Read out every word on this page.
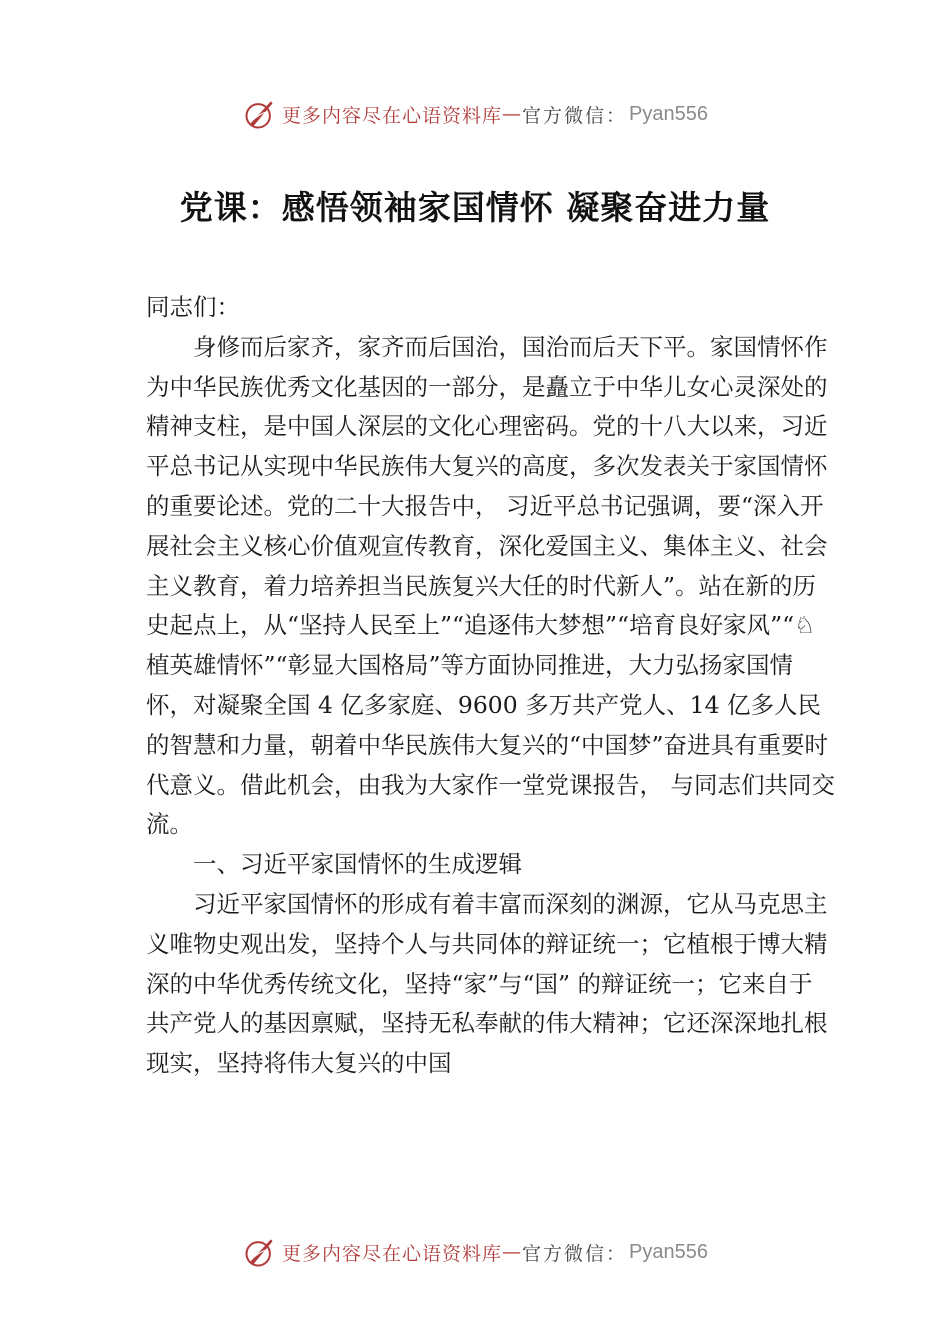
更多内容尽在心语资料库 — 官方微信： Pyan556
党课：感悟领袖家国情怀 凝聚奋进力量

同志们：

身修而后家齐，家齐而后国治，国治而后天下平。家国情怀作为中华民族优秀文化基因的一部分，是矗立于中华儿女心灵深处的精神支柱，是中国人深层的文化心理密码。党的十八大以来，习近平总书记从实现中华民族伟大复兴的高度，多次发表关于家国情怀的重要论述。党的二十大报告中， 习近平总书记强调，要“深入开展社会主义核心价值观宣传教育，深化爱国主义、集体主义、社会主义教育，着力培养担当民族复兴大任的时代新人”。站在新的历史起点上，从“坚持人民至上”“追逐伟大梦想”“培育良好家风”“♘植英雄情怀”“彰显大国格局”等方面协同推进，大力弘扬家国情怀，对凝聚全国 4 亿多家庭、9600 多万共产党人、14 亿多人民的智慧和力量，朝着中华民族伟大复兴的“中国梦”奋进具有重要时代意义。借此机会，由我为大家作一堂党课报告， 与同志们共同交流。

一、习近平家国情怀的生成逻辑

习近平家国情怀的形成有着丰富而深刻的渊源，它从马克思主义唯物史观出发，坚持个人与共同体的辩证统一；它植根于博大精深的中华优秀传统文化，坚持“家”与“国” 的辩证统一；它来自于共产党人的基因禀赋，坚持无私奉献的伟大精神；它还深深地扎根现实，坚持将伟大复兴的中国

更多内容尽在心语资料库 — 官方微信： Pyan556
